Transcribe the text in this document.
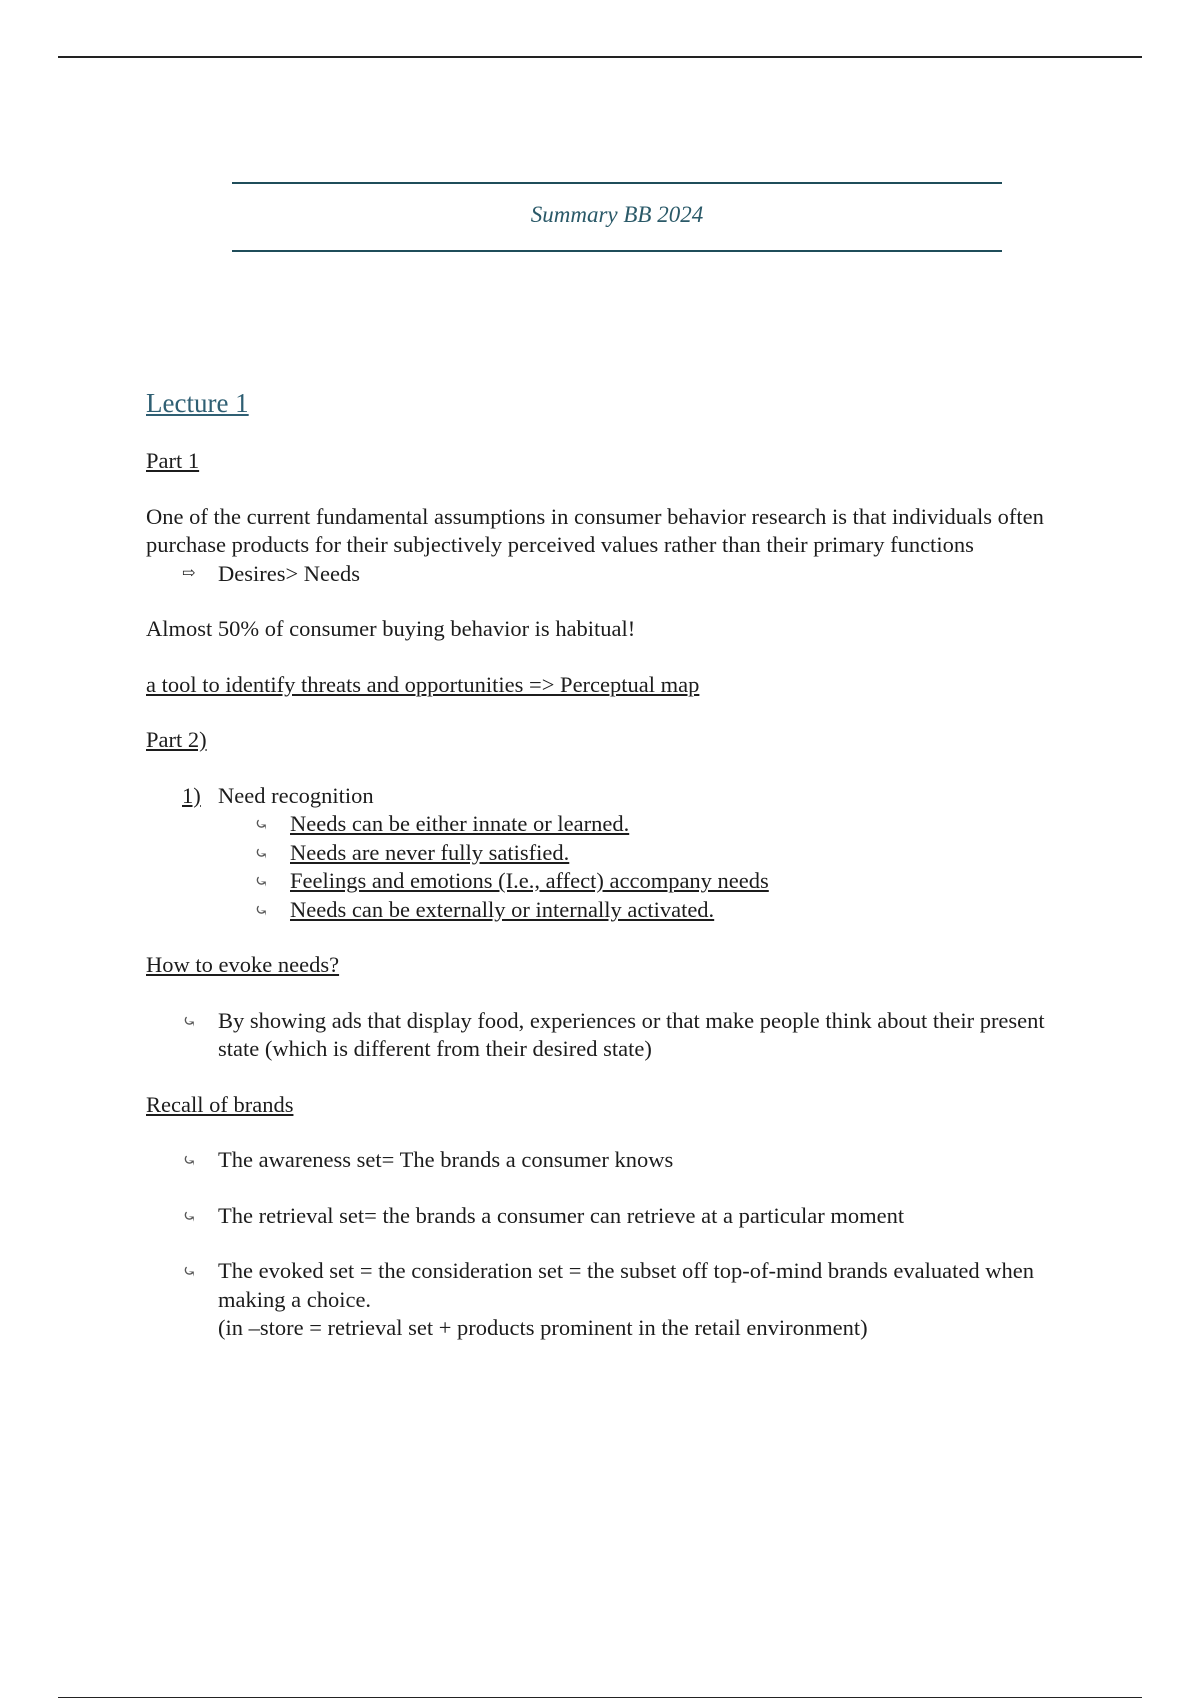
Summary BB 2024
Lecture 1
Part 1

One of the current fundamental assumptions in consumer behavior research is that individuals often purchase products for their subjectively perceived values rather than their primary functions

⇨ Desires> Needs

Almost 50% of consumer buying behavior is habitual!

a tool to identify threats and opportunities => Perceptual map

Part 2)
1) Need recognition
⤿ Needs can be either innate or learned.
⤿ Needs are never fully satisfied.
⤿ Feelings and emotions (I.e., affect) accompany needs
⤿ Needs can be externally or internally activated.
How to evoke needs?
⤿ By showing ads that display food, experiences or that make people think about their present state (which is different from their desired state)
Recall of brands
⤿ The awareness set= The brands a consumer knows
⤿ The retrieval set= the brands a consumer can retrieve at a particular moment
⤿ The evoked set = the consideration set = the subset off top-of-mind brands evaluated when making a choice.
(in –store = retrieval set + products prominent in the retail environment)
